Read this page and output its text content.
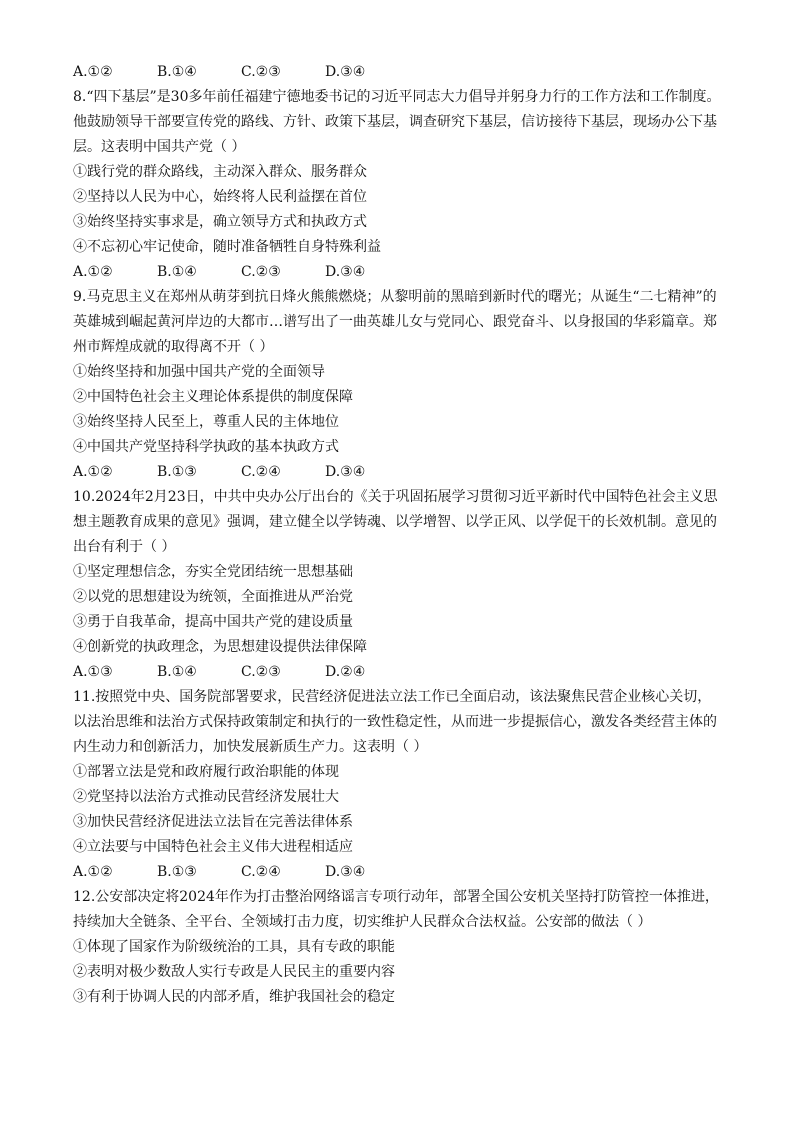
A.①②	B.①④	C.②③	D.③④
8.“四下基层”是30多年前任福建宁德地委书记的习近平同志大力倡导并躬身力行的工作方法和工作制度。他鼓励领导干部要宣传党的路线、方针、政策下基层，调查研究下基层，信访接待下基层，现场办公下基层。这表明中国共产党（ ）
①践行党的群众路线，主动深入群众、服务群众
②坚持以人民为中心，始终将人民利益摆在首位
③始终坚持实事求是，确立领导方式和执政方式
④不忘初心牢记使命，随时准备牺牲自身特殊利益
A.①②	B.①④	C.②③	D.③④
9.马克思主义在郑州从萌芽到抗日烽火熊熊燃烧；从黎明前的黑暗到新时代的曙光；从诞生“二七精神”的英雄城到崛起黄河岸边的大都市…谱写出了一曲英雄儿女与党同心、跟党奋斗、以身报国的华彩篇章。郑州市辉煌成就的取得离不开（ ）
①始终坚持和加强中国共产党的全面领导
②中国特色社会主义理论体系提供的制度保障
③始终坚持人民至上，尊重人民的主体地位
④中国共产党坚持科学执政的基本执政方式
A.①②	B.①③	C.②④	D.③④
10.2024年2月23日，中共中央办公厅出台的《关于巩固拓展学习贯彻习近平新时代中国特色社会主义思想主题教育成果的意见》强调，建立健全以学铸魂、以学增智、以学正风、以学促干的长效机制。意见的出台有利于（ ）
①坚定理想信念，夯实全党团结统一思想基础
②以党的思想建设为统领，全面推进从严治党
③勇于自我革命，提高中国共产党的建设质量
④创新党的执政理念，为思想建设提供法律保障
A.①③	B.①④	C.②③	D.②④
11.按照党中央、国务院部署要求，民营经济促进法立法工作已全面启动，该法聚焦民营企业核心关切，以法治思维和法治方式保持政策制定和执行的一致性稳定性，从而进一步提振信心，激发各类经营主体的内生动力和创新活力，加快发展新质生产力。这表明（ ）
①部署立法是党和政府履行政治职能的体现
②党坚持以法治方式推动民营经济发展壮大
③加快民营经济促进法立法旨在完善法律体系
④立法要与中国特色社会主义伟大进程相适应
A.①②	B.①③	C.②④	D.③④
12.公安部决定将2024年作为打击整治网络谣言专项行动年，部署全国公安机关坚持打防管控一体推进，持续加大全链条、全平台、全领域打击力度，切实维护人民群众合法权益。公安部的做法（ ）
①体现了国家作为阶级统治的工具，具有专政的职能
②表明对极少数敌人实行专政是人民民主的重要内容
③有利于协调人民的内部矛盾，维护我国社会的稳定
